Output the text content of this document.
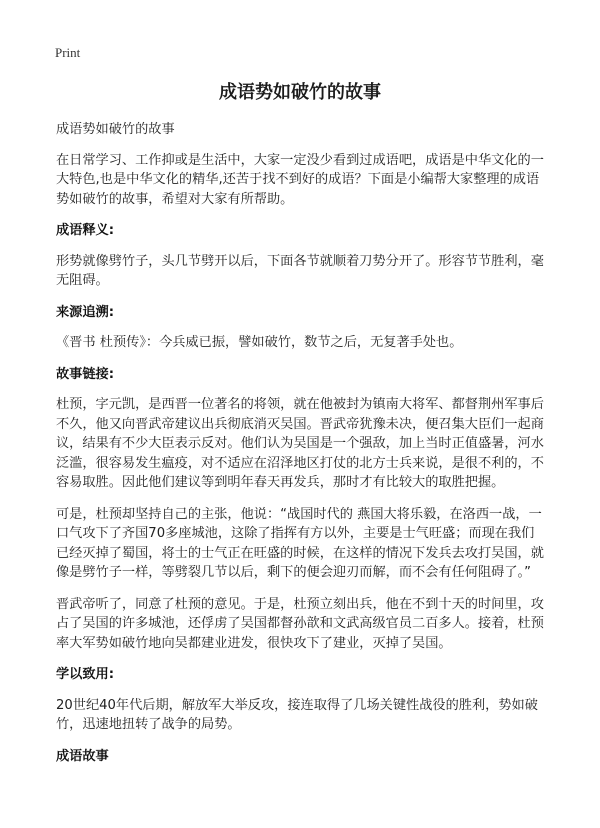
Print
成语势如破竹的故事

成语势如破竹的故事

在日常学习、工作抑或是生活中，大家一定没少看到过成语吧，成语是中华文化的一大特色,也是中华文化的精华,还苦于找不到好的成语？下面是小编帮大家整理的成语势如破竹的故事，希望对大家有所帮助。

成语释义:

形势就像劈竹子，头几节劈开以后，下面各节就顺着刀势分开了。形容节节胜利，毫无阻碍。

来源追溯:

《晋书 杜预传》：今兵威已振，譬如破竹，数节之后，无复著手处也。

故事链接:

杜预，字元凯，是西晋一位著名的将领，就在他被封为镇南大将军、都督荆州军事后不久，他又向晋武帝建议出兵彻底消灭吴国。晋武帝犹豫未决，便召集大臣们一起商议，结果有不少大臣表示反对。他们认为吴国是一个强敌，加上当时正值盛暑，河水泛滥，很容易发生瘟疫，对不适应在沼泽地区打仗的北方士兵来说，是很不利的，不容易取胜。因此他们建议等到明年春天再发兵，那时才有比较大的取胜把握。

可是，杜预却坚持自己的主张，他说：“战国时代的 燕国大将乐毅，在洛西一战，一口气攻下了齐国70多座城池，这除了指挥有方以外，主要是士气旺盛；而现在我们已经灭掉了蜀国，将士的士气正在旺盛的时候，在这样的情况下发兵去攻打吴国，就像是劈竹子一样，等劈裂几节以后，剩下的便会迎刃而解，而不会有任何阻碍了。”

晋武帝听了，同意了杜预的意见。于是，杜预立刻出兵，他在不到十天的时间里，攻占了吴国的许多城池，还俘虏了吴国都督孙歆和文武高级官员二百多人。接着，杜预率大军势如破竹地向吴都建业进发，很快攻下了建业，灭掉了吴国。

学以致用:

20世纪40年代后期，解放军大举反攻，接连取得了几场关键性战役的胜利，势如破竹，迅速地扭转了战争的局势。

成语故事
